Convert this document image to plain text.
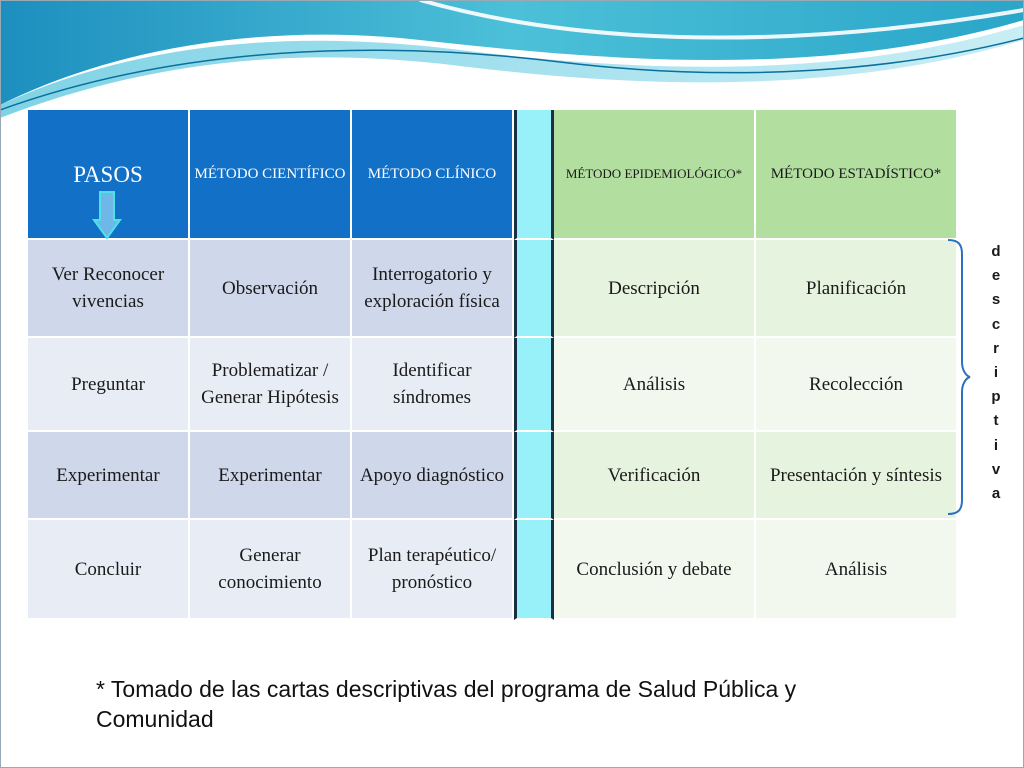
PASOS	MÉTODO CIENTÍFICO	MÉTODO CLÍNICO		MÉTODO EPIDEMIOLÓGICO*	MÉTODO ESTADÍSTICO*
Ver Reconocer vivencias	Observación	Interrogatorio y exploración física		Descripción	Planificación
Preguntar	Problematizar / Generar Hipótesis	Identificar síndromes		Análisis	Recolección
Experimentar	Experimentar	Apoyo diagnóstico		Verificación	Presentación y síntesis
Concluir	Generar conocimiento	Plan terapéutico/ pronóstico		Conclusión y debate	Análisis
d
e
s
c
r
i
p
t
i
v
a
* Tomado de las cartas descriptivas del programa de Salud Pública y Comunidad
